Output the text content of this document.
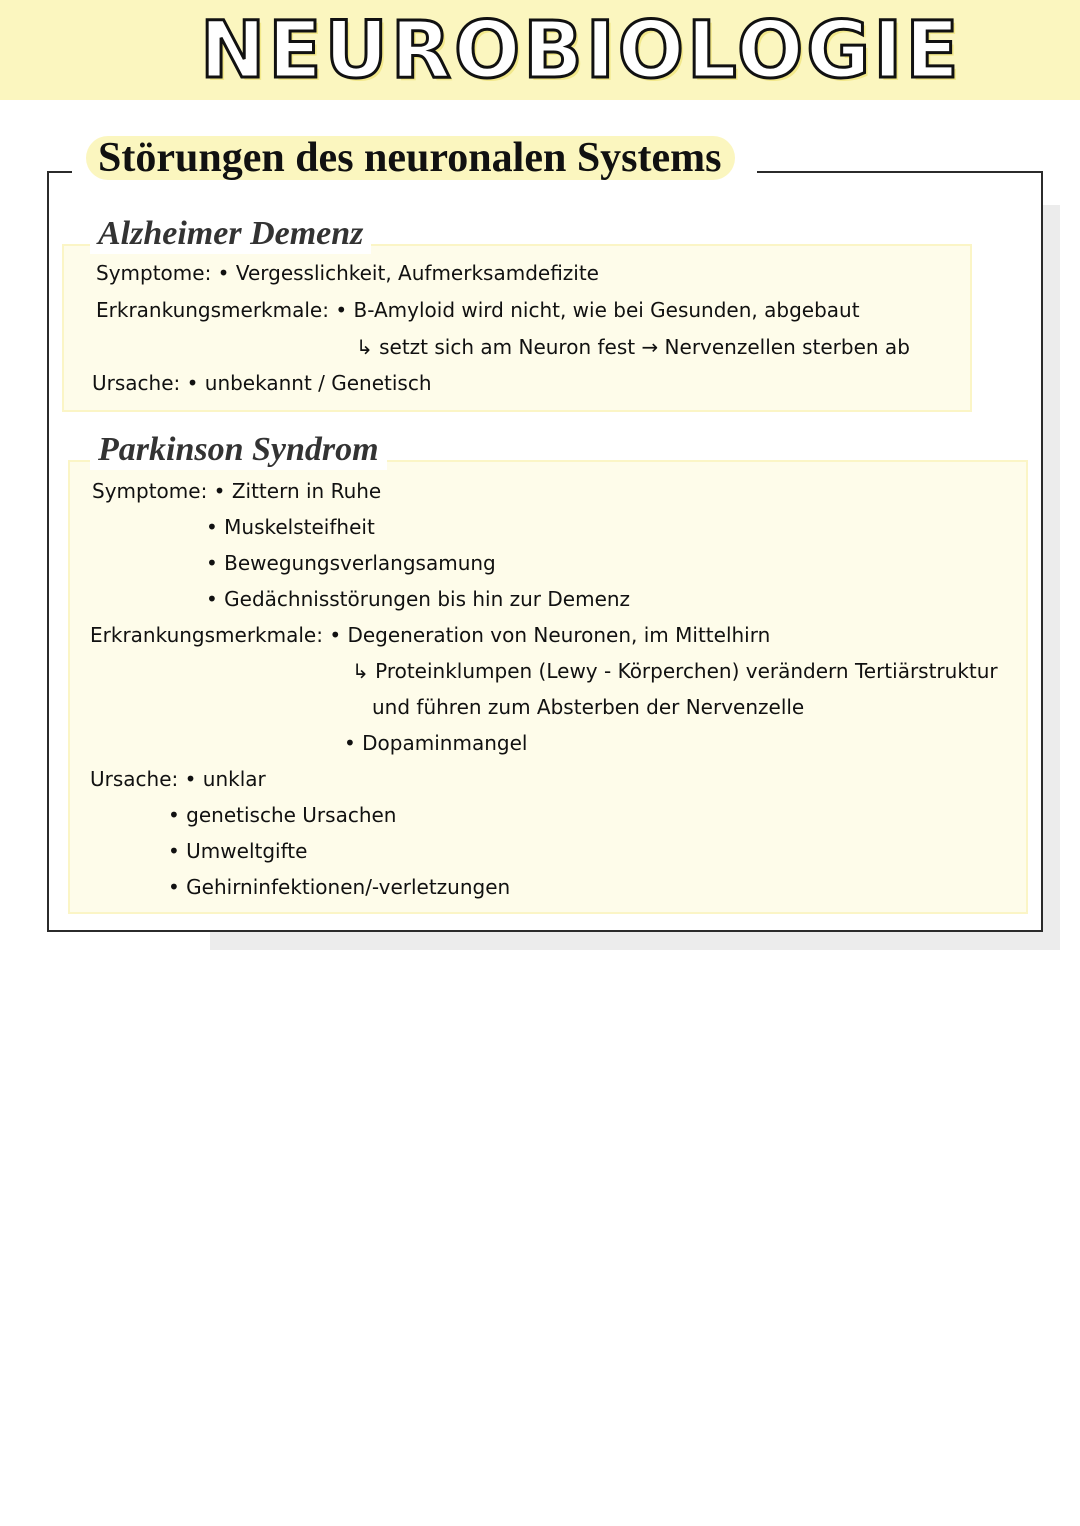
NEUROBIOLOGIE
Störungen des neuronalen Systems
Alzheimer Demenz
Symptome: • Vergesslichkeit, Aufmerksamdefizite
Erkrankungsmerkmale: • B-Amyloid wird nicht, wie bei Gesunden, abgebaut
↳ setzt sich am Neuron fest → Nervenzellen sterben ab
Ursache: • unbekannt / Genetisch
Parkinson Syndrom
Symptome: • Zittern in Ruhe
• Muskelsteifheit
• Bewegungsverlangsamung
• Gedächnisstörungen bis hin zur Demenz
Erkrankungsmerkmale: • Degeneration von Neuronen, im Mittelhirn
↳ Proteinklumpen (Lewy - Körperchen) verändern Tertiärstruktur
und führen zum Absterben der Nervenzelle
• Dopaminmangel
Ursache: • unklar
• genetische Ursachen
• Umweltgifte
• Gehirninfektionen/-verletzungen
